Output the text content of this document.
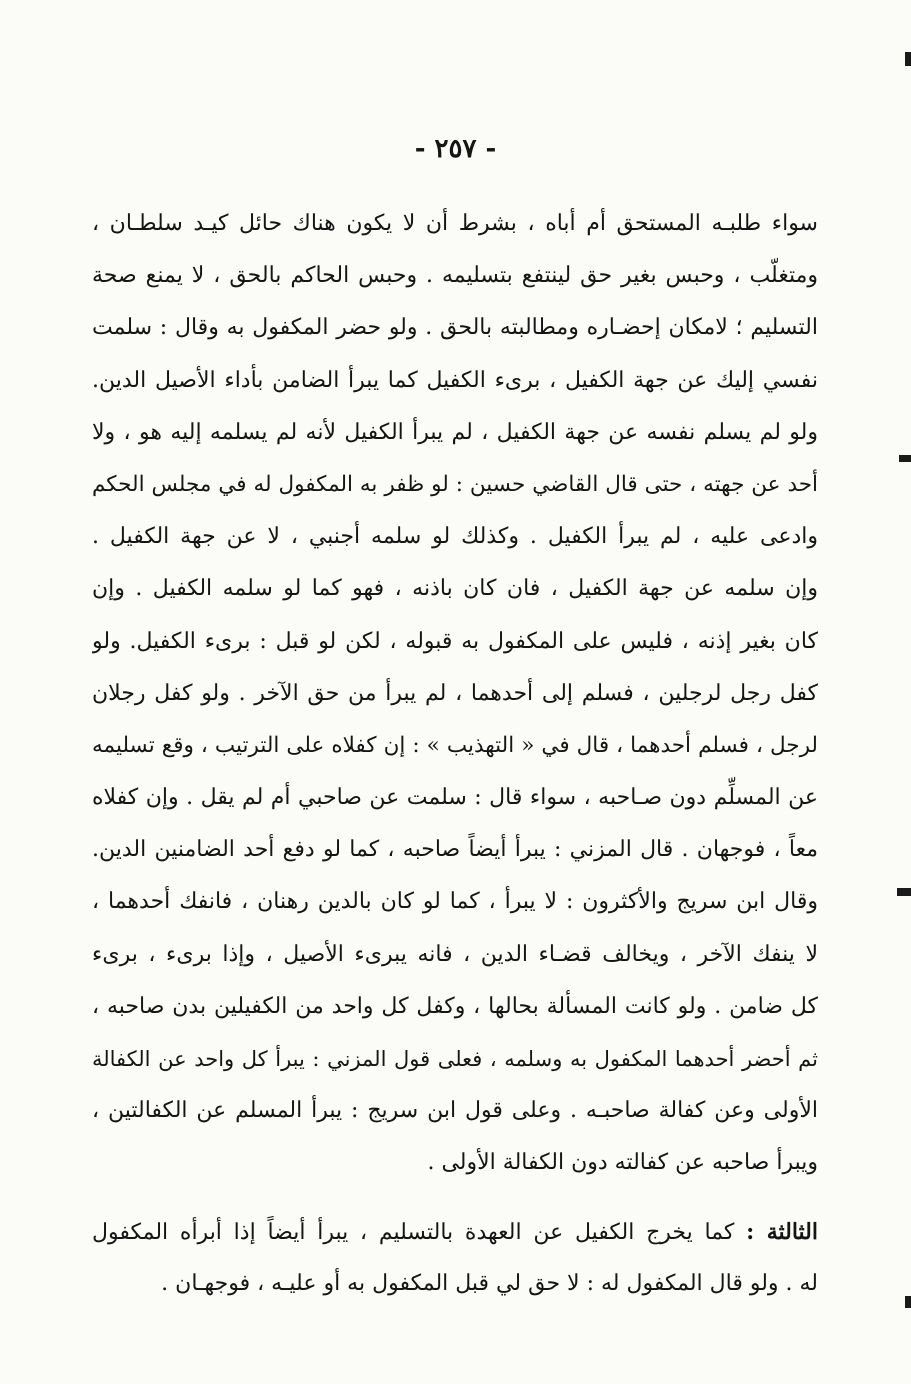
- ٢٥٧ -
سواء طلبـه المستحق أم أباه ، بشرط أن لا يكون هناك حائل كيـد سلطـان ،
ومتغلّب ، وحبس بغير حق لينتفع بتسليمه . وحبس الحاكم بالحق ، لا يمنع صحة
التسليم ؛ لامكان إحضـاره ومطالبته بالحق . ولو حضر المكفول به وقال : سلمت
نفسي إليك عن جهة الكفيل ، برىء الكفيل كما يبرأ الضامن بأداء الأصيل الدين.
ولو لم يسلم نفسه عن جهة الكفيل ، لم يبرأ الكفيل لأنه لم يسلمه إليه هو ، ولا
أحد عن جهته ، حتى قال القاضي حسين : لو ظفر به المكفول له في مجلس الحكم
وادعى عليه ، لم يبرأ الكفيل . وكذلك لو سلمه أجنبي ، لا عن جهة الكفيل .
وإن سلمه عن جهة الكفيل ، فان كان باذنه ، فهو كما لو سلمه الكفيل . وإن
كان بغير إذنه ، فليس على المكفول به قبوله ، لكن لو قبل : برىء الكفيل. ولو
كفل رجل لرجلين ، فسلم إلى أحدهما ، لم يبرأ من حق الآخر . ولو كفل رجلان
لرجل ، فسلم أحدهما ، قال في « التهذيب » : إن كفلاه على الترتيب ، وقع تسليمه
عن المسلِّم دون صـاحبه ، سواء قال : سلمت عن صاحبي أم لم يقل . وإن كفلاه
معاً ، فوجهان . قال المزني : يبرأ أيضاً صاحبه ، كما لو دفع أحد الضامنين الدين.
وقال ابن سريج والأكثرون : لا يبرأ ، كما لو كان بالدين رهنان ، فانفك أحدهما ،
لا ينفك الآخر ، ويخالف قضـاء الدين ، فانه يبرىء الأصيل ، وإذا برىء ، برىء
كل ضامن . ولو كانت المسألة بحالها ، وكفل كل واحد من الكفيلين بدن صاحبه ،
ثم أحضر أحدهما المكفول به وسلمه ، فعلى قول المزني : يبرأ كل واحد عن الكفالة
الأولى وعن كفالة صاحبـه . وعلى قول ابن سريج : يبرأ المسلم عن الكفالتين ،
ويبرأ صاحبه عن كفالته دون الكفالة الأولى .
الثالثة : كما يخرج الكفيل عن العهدة بالتسليم ، يبرأ أيضاً إذا أبرأه المكفول
له . ولو قال المكفول له : لا حق لي قبل المكفول به أو عليـه ، فوجهـان .
